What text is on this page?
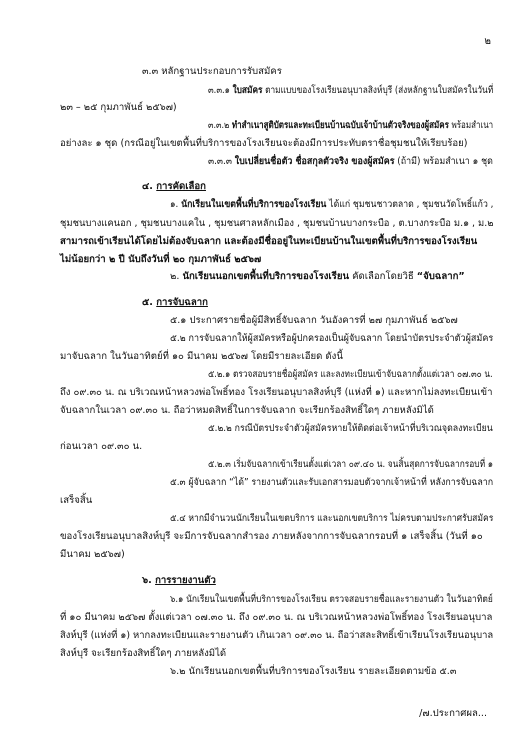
๒
๓.๓ หลักฐานประกอบการรับสมัคร
๓.๓.๑ ใบสมัคร ตามแบบของโรงเรียนอนุบาลสิงห์บุรี (ส่งหลักฐานใบสมัครในวันที่
๒๓ – ๒๕ กุมภาพันธ์ ๒๕๖๗)
๓.๓.๒ ทำสำเนาสูติบัตรและทะเบียนบ้านฉบับเจ้าบ้านตัวจริงของผู้สมัคร พร้อมสำเนา
อย่างละ ๑ ชุด (กรณีอยู่ในเขตพื้นที่บริการของโรงเรียนจะต้องมีการประทับตราชื่อชุมชนให้เรียบร้อย)
๓.๓.๓ ใบเปลี่ยนชื่อตัว ชื่อสกุลตัวจริง ของผู้สมัคร (ถ้ามี) พร้อมสำเนา ๑ ชุด
๔. การคัดเลือก
๑. นักเรียนในเขตพื้นที่บริการของโรงเรียน ได้แก่ ชุมชนชาวตลาด , ชุมชนวัดโพธิ์แก้ว ,
ชุมชนบางแคนอก , ชุมชนบางแคใน , ชุมชนศาลหลักเมือง , ชุมชนบ้านบางกระบือ , ต.บางกระบือ ม.๑ , ม.๒
สามารถเข้าเรียนได้โดยไม่ต้องจับฉลาก และต้องมีชื่ออยู่ในทะเบียนบ้านในเขตพื้นที่บริการของโรงเรียน
ไม่น้อยกว่า ๒ ปี นับถึงวันที่ ๒๐ กุมภาพันธ์ ๒๕๖๗
๒. นักเรียนนอกเขตพื้นที่บริการของโรงเรียน คัดเลือกโดยวิธี “จับฉลาก”
๕. การจับฉลาก
๕.๑ ประกาศรายชื่อผู้มีสิทธิ์จับฉลาก วันอังคารที่ ๒๗ กุมภาพันธ์ ๒๕๖๗
๕.๒ การจับฉลากให้ผู้สมัครหรือผู้ปกครองเป็นผู้จับฉลาก โดยนำบัตรประจำตัวผู้สมัคร
มาจับฉลาก ในวันอาทิตย์ที่ ๑๐ มีนาคม ๒๕๖๗ โดยมีรายละเอียด ดังนี้
๕.๒.๑ ตรวจสอบรายชื่อผู้สมัคร และลงทะเบียนเข้าจับฉลากตั้งแต่เวลา ๐๗.๓๐ น.
ถึง ๐๙.๓๐ น. ณ บริเวณหน้าหลวงพ่อโพธิ์ทอง โรงเรียนอนุบาลสิงห์บุรี (แห่งที่ ๑) และหากไม่ลงทะเบียนเข้า
จับฉลากในเวลา ๐๙.๓๐ น. ถือว่าหมดสิทธิ์ในการจับฉลาก จะเรียกร้องสิทธิ์ใดๆ ภายหลังมิได้
๕.๒.๒ กรณีบัตรประจำตัวผู้สมัครหายให้ติดต่อเจ้าหน้าที่บริเวณจุดลงทะเบียน
ก่อนเวลา ๐๙.๓๐ น.
๕.๒.๓ เริ่มจับฉลากเข้าเรียนตั้งแต่เวลา ๐๙.๔๐ น. จนสิ้นสุดการจับฉลากรอบที่ ๑
๕.๓ ผู้จับฉลาก “ได้” รายงานตัวและรับเอกสารมอบตัวจากเจ้าหน้าที่ หลังการจับฉลาก
เสร็จสิ้น
๕.๔ หากมีจำนวนนักเรียนในเขตบริการ และนอกเขตบริการ ไม่ครบตามประกาศรับสมัคร
ของโรงเรียนอนุบาลสิงห์บุรี จะมีการจับฉลากสำรอง ภายหลังจากการจับฉลากรอบที่ ๑ เสร็จสิ้น (วันที่ ๑๐
มีนาคม ๒๕๖๗)
๖. การรายงานตัว
๖.๑ นักเรียนในเขตพื้นที่บริการของโรงเรียน ตรวจสอบรายชื่อและรายงานตัว ในวันอาทิตย์
ที่ ๑๐ มีนาคม ๒๕๖๗ ตั้งแต่เวลา ๐๗.๓๐ น. ถึง ๐๙.๓๐ น. ณ บริเวณหน้าหลวงพ่อโพธิ์ทอง โรงเรียนอนุบาล
สิงห์บุรี (แห่งที่ ๑) หากลงทะเบียนและรายงานตัว เกินเวลา ๐๙.๓๐ น. ถือว่าสละสิทธิ์เข้าเรียนโรงเรียนอนุบาล
สิงห์บุรี จะเรียกร้องสิทธิ์ใดๆ ภายหลังมิได้
๖.๒ นักเรียนนอกเขตพื้นที่บริการของโรงเรียน รายละเอียดตามข้อ ๕.๓
/๗.ประกาศผล...
